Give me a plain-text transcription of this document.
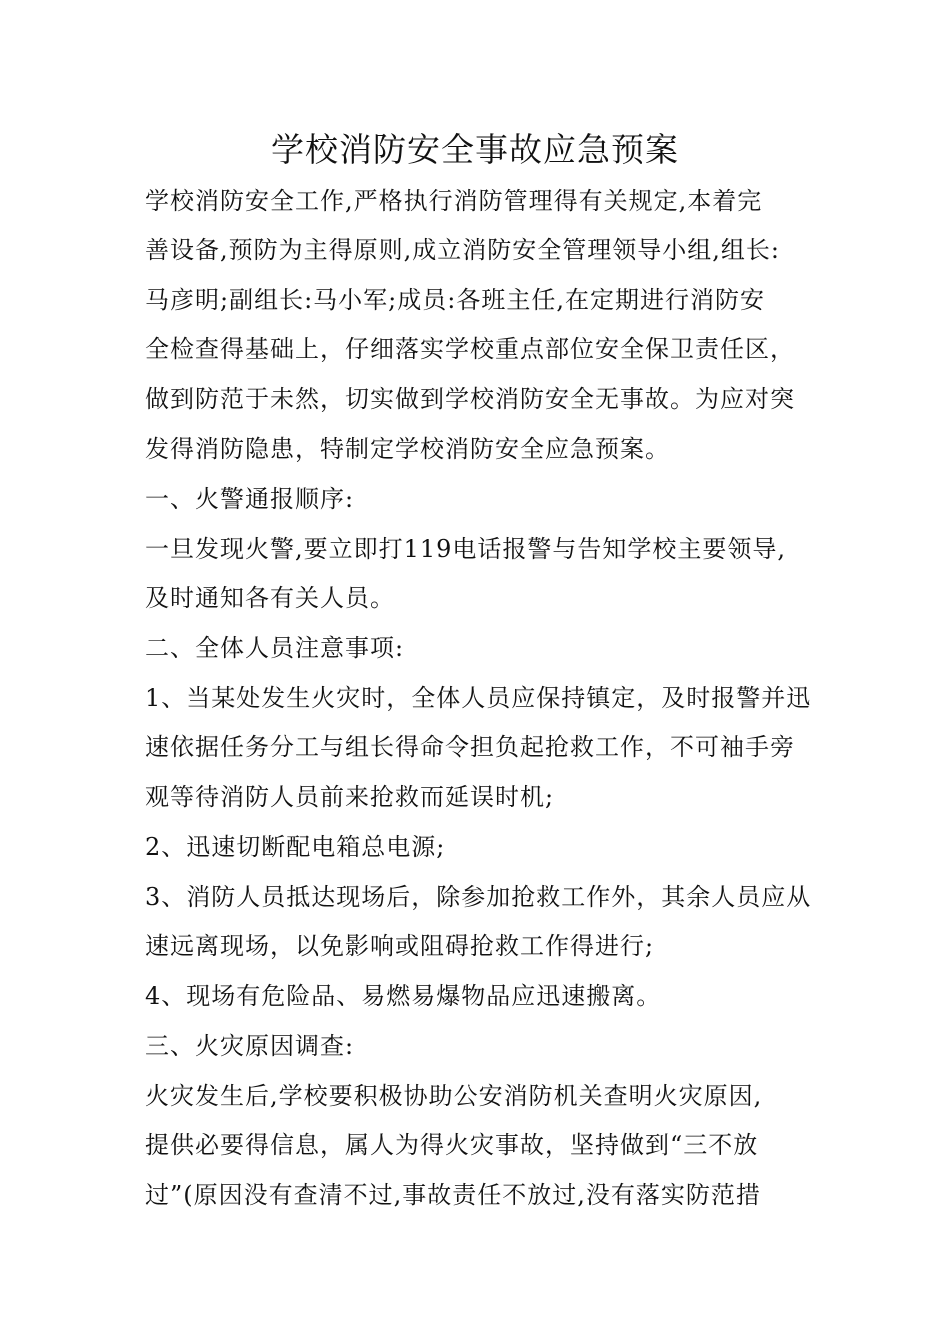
学校消防安全事故应急预案
学校消防安全工作,严格执行消防管理得有关规定,本着完
善设备,预防为主得原则,成立消防安全管理领导小组,组长:
马彦明;副组长:马小军;成员:各班主任,在定期进行消防安
全检查得基础上，仔细落实学校重点部位安全保卫责任区，
做到防范于未然，切实做到学校消防安全无事故。为应对突
发得消防隐患，特制定学校消防安全应急预案。
一、火警通报顺序:
一旦发现火警,要立即打119电话报警与告知学校主要领导,
及时通知各有关人员。
二、全体人员注意事项:
1、当某处发生火灾时，全体人员应保持镇定，及时报警并迅
速依据任务分工与组长得命令担负起抢救工作，不可袖手旁
观等待消防人员前来抢救而延误时机;
2、迅速切断配电箱总电源;
3、消防人员抵达现场后，除参加抢救工作外，其余人员应从
速远离现场，以免影响或阻碍抢救工作得进行;
4、现场有危险品、易燃易爆物品应迅速搬离。
三、火灾原因调查:
火灾发生后,学校要积极协助公安消防机关查明火灾原因,
提供必要得信息，属人为得火灾事故，坚持做到“三不放
过”(原因没有查清不过,事故责任不放过,没有落实防范措
